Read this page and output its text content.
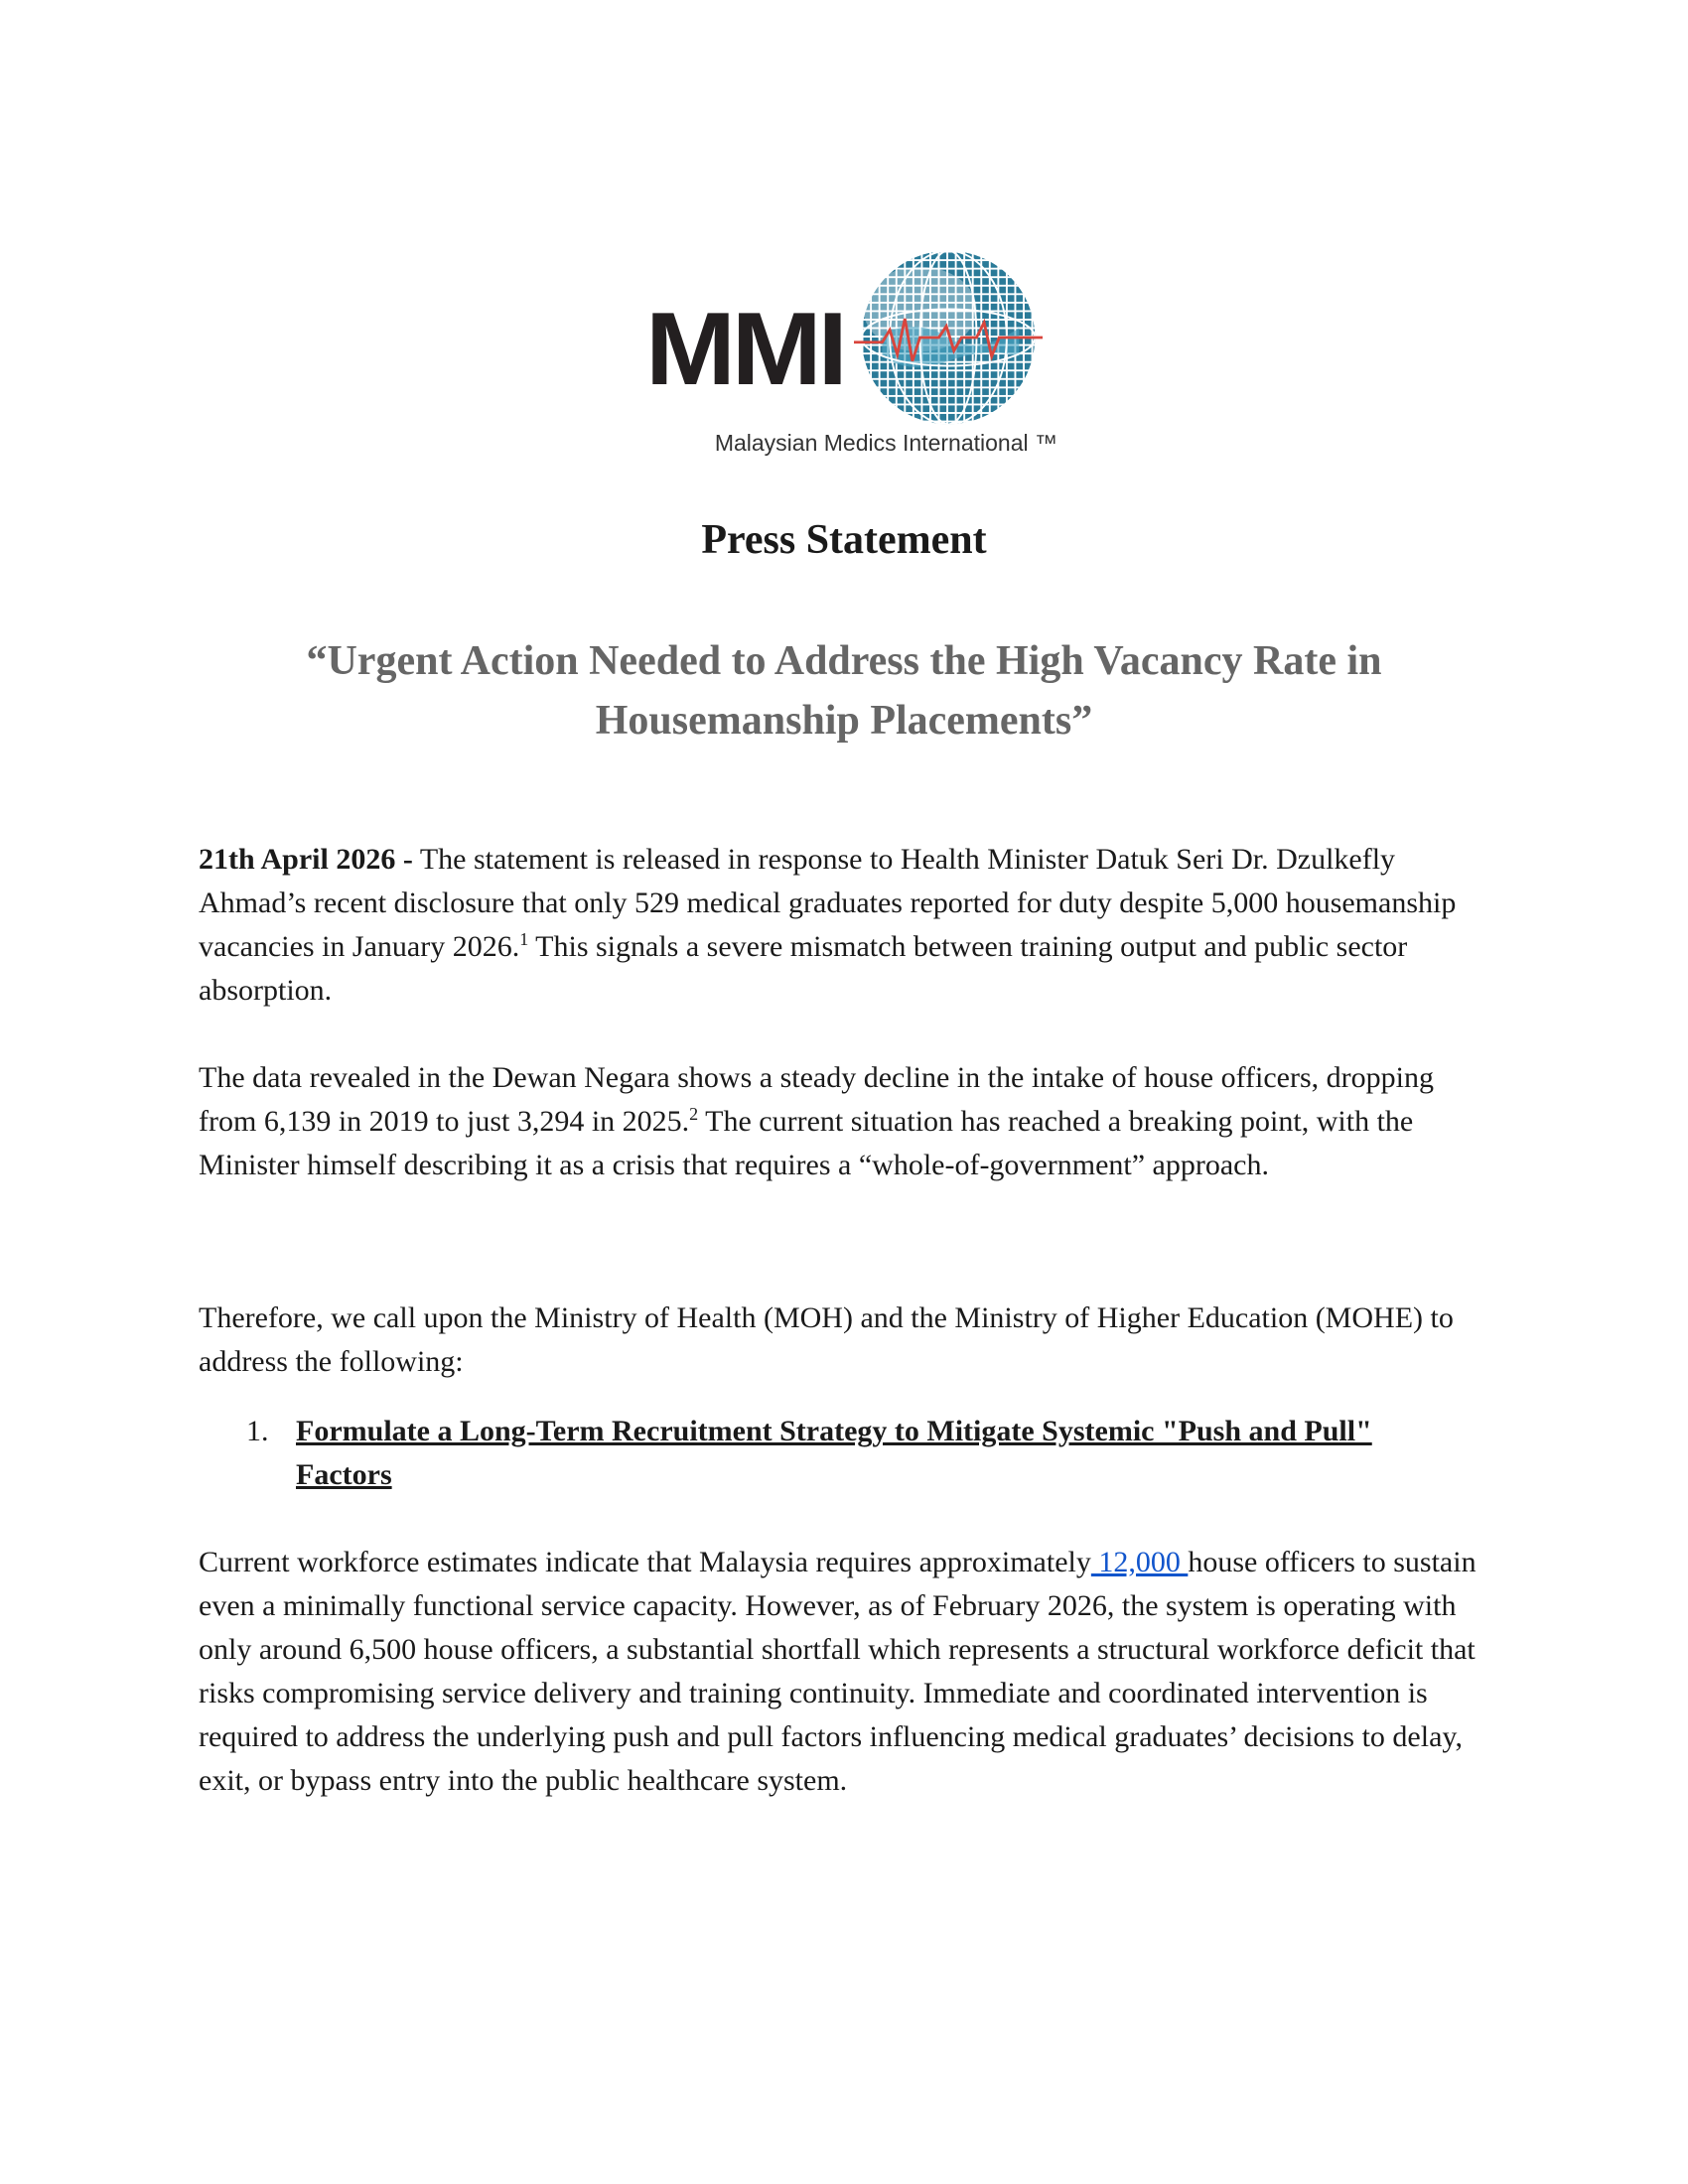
MMI
Malaysian Medics International ™
Press Statement
“Urgent Action Needed to Address the High Vacancy Rate in Housemanship Placements”
21th April 2026 - The statement is released in response to Health Minister Datuk Seri Dr. Dzulkefly Ahmad’s recent disclosure that only 529 medical graduates reported for duty despite 5,000 housemanship vacancies in January 2026.$^1$ This signals a severe mismatch between training output and public sector absorption.
The data revealed in the Dewan Negara shows a steady decline in the intake of house officers, dropping from 6,139 in 2019 to just 3,294 in 2025.$^2$ The current situation has reached a breaking point, with the Minister himself describing it as a crisis that requires a “whole-of-government” approach.
Therefore, we call upon the Ministry of Health (MOH) and the Ministry of Higher Education (MOHE) to address the following:
1. Formulate a Long-Term Recruitment Strategy to Mitigate Systemic "Push and Pull" Factors
Current workforce estimates indicate that Malaysia requires approximately 12,000 house officers to sustain even a minimally functional service capacity. However, as of February 2026, the system is operating with only around 6,500 house officers, a substantial shortfall which represents a structural workforce deficit that risks compromising service delivery and training continuity. Immediate and coordinated intervention is required to address the underlying push and pull factors influencing medical graduates’ decisions to delay, exit, or bypass entry into the public healthcare system.
